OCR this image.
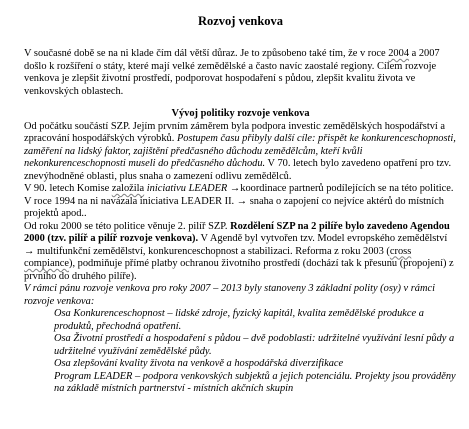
Rozvoj venkova

V současné době se na ni klade čím dál větší důraz. Je to způsobeno také tím, že v roce 2004 a 2007 došlo k rozšíření o státy, které mají velké zemědělské a často navíc zaostalé regiony. Cílem rozvoje venkova je zlepšit životní prostředí, podporovat hospodaření s půdou, zlepšit kvalitu života ve venkovských oblastech.

Vývoj politiky rozvoje venkova

Od počátku součástí SZP. Jejím prvním záměrem byla podpora investic zemědělských hospodářství a zpracování hospodářských výrobků. Postupem času přibyly další cíle: přispět ke konkurenceschopnosti, zaměření na lidský faktor, zajištění předčasného důchodu zemědělcům, kteří kvůli nekonkurenceschopnosti museli do předčasného důchodu. V 70. letech bylo zavedeno opatření pro tzv. znevýhodněné oblasti, plus snaha o zamezení odlivu zemědělců.

V 90. letech Komise založila iniciativu LEADER →koordinace partnerů podílejících se na této politice. V roce 1994 na ni navázala iniciativa LEADER II. → snaha o zapojení co nejvíce aktérů do místních projektů apod..

Od roku 2000 se této politice věnuje 2. pilíř SZP. Rozdělení SZP na 2 pilíře bylo zavedeno Agendou 2000 (tzv. pilíř a pilíř rozvoje venkova). V Agendě byl vytvořen tzv. Model evropského zemědělství → multifunkční zemědělství, konkurenceschopnost a stabilizaci. Reforma z roku 2003 (cross compiance), podmiňuje přímé platby ochranou životního prostředí (dochází tak k přesunu (propojení) z prvního do druhého pilíře).

V rámci pánu rozvoje venkova pro roky 2007 – 2013 byly stanoveny 3 základní polity (osy) v rámci rozvoje venkova:

Osa Konkurenceschopnost – lidské zdroje, fyzický kapitál, kvalita zemědělské produkce a produktů, přechodná opatření.

Osa Životní prostředí a hospodaření s půdou – dvě podoblasti: udržitelné využívání lesní půdy a udržitelné využívání zemědělské půdy.

Osa zlepšování kvality života na venkově a hospodářská diverzifikace

Program LEADER – podpora venkovských subjektů a jejich potenciálu. Projekty jsou prováděny na základě místních partnerství - místních akčních skupin
